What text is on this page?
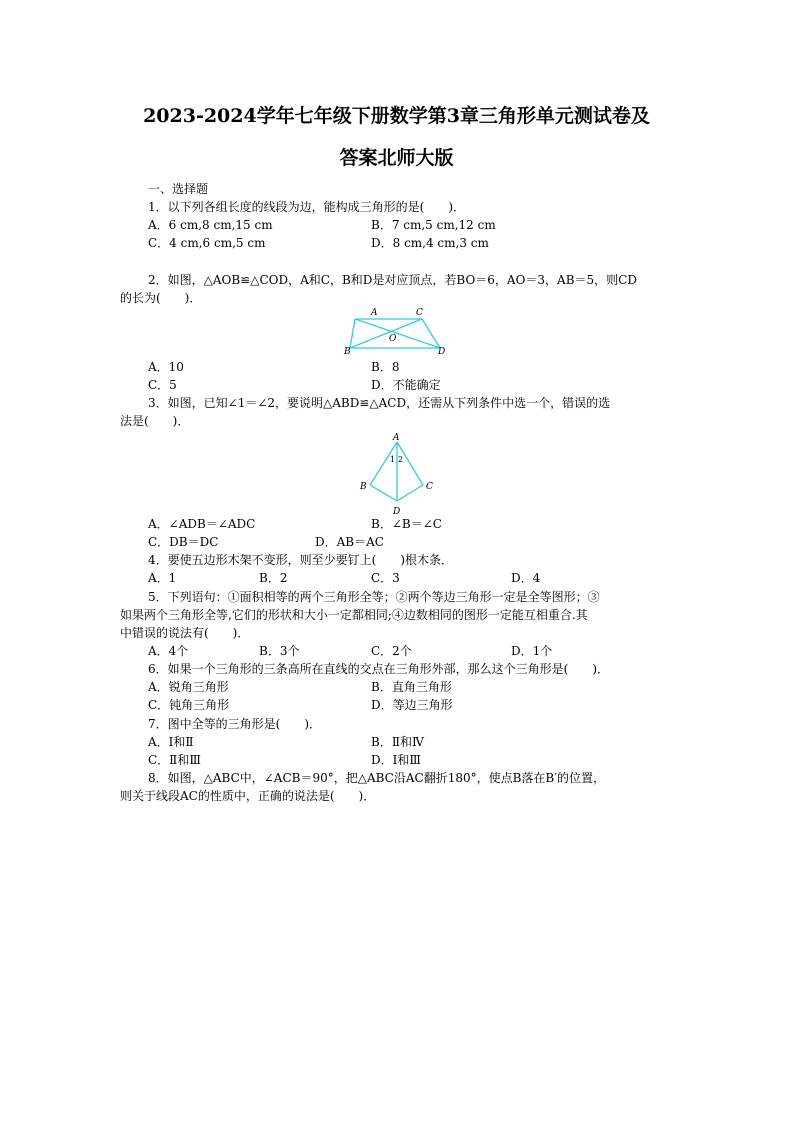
2023-2024学年七年级下册数学第3章三角形单元测试卷及
答案北师大版
一、选择题
1．以下列各组长度的线段为边，能构成三角形的是(　　)．
A．6 cm,8 cm,15 cm	B．7 cm,5 cm,12 cm
C．4 cm,6 cm,5 cm	D．8 cm,4 cm,3 cm
2．如图，△AOB≌△COD，A和C，B和D是对应顶点，若BO＝6，AO＝3，AB＝5，则CD
的长为(　　)．
A	C
O
B	D
A．10	B．8
C．5	D．不能确定
3．如图，已知∠1＝∠2，要说明△ABD≌△ACD，还需从下列条件中选一个，错误的选
法是(　　)．
A
1 2
B	C
D
A．∠ADB＝∠ADC	B．∠B＝∠C
C．DB＝DC	D．AB＝AC
4．要使五边形木架不变形，则至少要钉上(　　)根木条．
A．1	B．2	C．3	D．4
5．下列语句：①面积相等的两个三角形全等；②两个等边三角形一定是全等图形；③
如果两个三角形全等,它们的形状和大小一定都相同;④边数相同的图形一定能互相重合.其
中错误的说法有(　　)．
A．4个	B．3个	C．2个	D．1个
6．如果一个三角形的三条高所在直线的交点在三角形外部，那么这个三角形是(　　)．
A．锐角三角形	B．直角三角形
C．钝角三角形	D．等边三角形
7．图中全等的三角形是(　　)．
A．Ⅰ和Ⅱ	B．Ⅱ和Ⅳ
C．Ⅱ和Ⅲ	D．Ⅰ和Ⅲ
8．如图，△ABC中，∠ACB＝90°，把△ABC沿AC翻折180°，使点B落在B′的位置，
则关于线段AC的性质中，正确的说法是(　　)．
